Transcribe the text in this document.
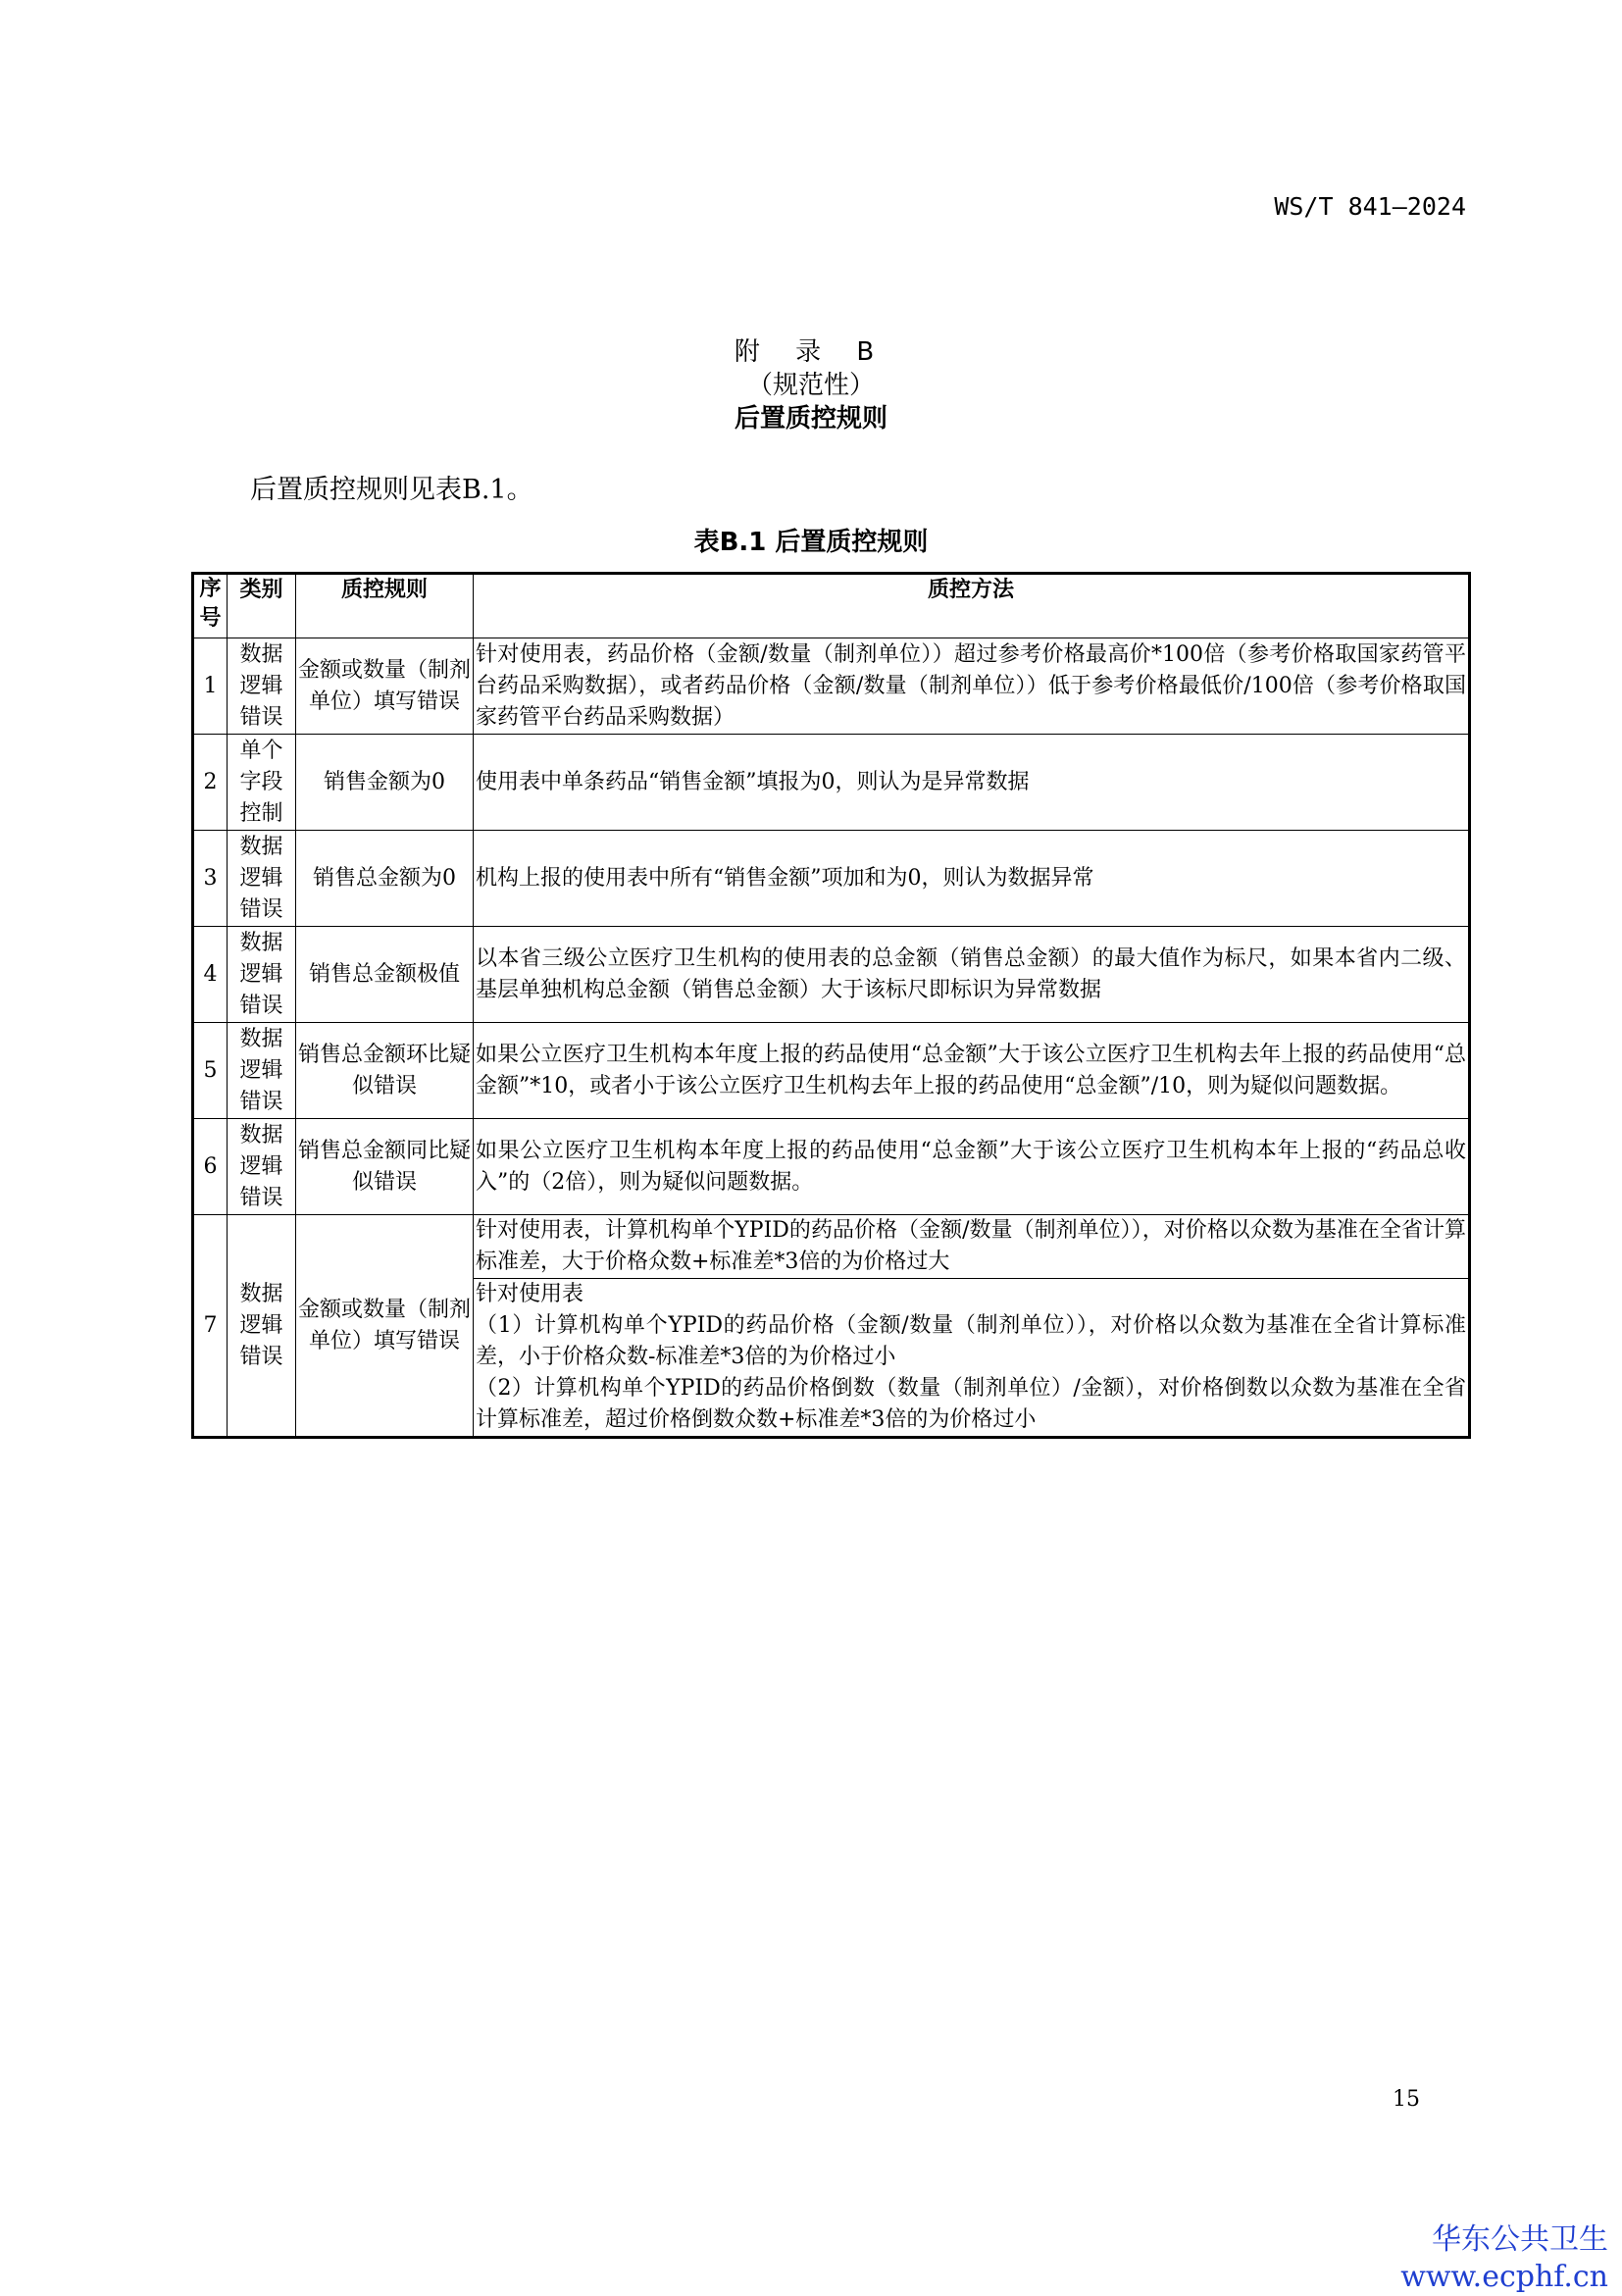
WS/T 841—2024
附 录 B
（规范性）
后置质控规则
后置质控规则见表B.1。
表B.1 后置质控规则
序号	类别	质控规则	质控方法
1	数据逻辑错误	金额或数量（制剂单位）填写错误	针对使用表，药品价格（金额/数量（制剂单位））超过参考价格最高价*100倍（参考价格取国家药管平台药品采购数据），或者药品价格（金额/数量（制剂单位））低于参考价格最低价/100倍（参考价格取国家药管平台药品采购数据）
2	单个字段控制	销售金额为0	使用表中单条药品“销售金额”填报为0，则认为是异常数据
3	数据逻辑错误	销售总金额为0	机构上报的使用表中所有“销售金额”项加和为0，则认为数据异常
4	数据逻辑错误	销售总金额极值	以本省三级公立医疗卫生机构的使用表的总金额（销售总金额）的最大值作为标尺，如果本省内二级、基层单独机构总金额（销售总金额）大于该标尺即标识为异常数据
5	数据逻辑错误	销售总金额环比疑似错误	如果公立医疗卫生机构本年度上报的药品使用“总金额”大于该公立医疗卫生机构去年上报的药品使用“总金额”*10，或者小于该公立医疗卫生机构去年上报的药品使用“总金额”/10，则为疑似问题数据。
6	数据逻辑错误	销售总金额同比疑似错误	如果公立医疗卫生机构本年度上报的药品使用“总金额”大于该公立医疗卫生机构本年上报的“药品总收入”的（2倍），则为疑似问题数据。
7	数据逻辑错误	金额或数量（制剂单位）填写错误	针对使用表，计算机构单个YPID的药品价格（金额/数量（制剂单位）），对价格以众数为基准在全省计算标准差，大于价格众数+标准差*3倍的为价格过大
针对使用表
（1）计算机构单个YPID的药品价格（金额/数量（制剂单位）），对价格以众数为基准在全省计算标准差，小于价格众数-标准差*3倍的为价格过小
（2）计算机构单个YPID的药品价格倒数（数量（制剂单位）/金额），对价格倒数以众数为基准在全省计算标准差，超过价格倒数众数+标准差*3倍的为价格过小
15
华东公共卫生
www.ecphf.cn
